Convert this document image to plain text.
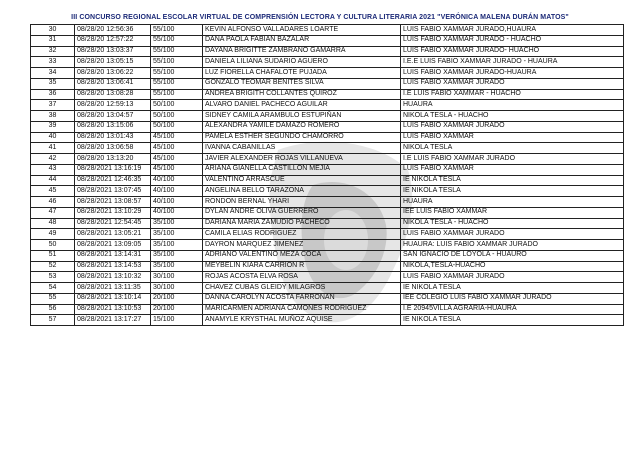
III CONCURSO REGIONAL ESCOLAR VIRTUAL DE COMPRENSIÓN LECTORA Y CULTURA LITERARIA 2021 "VERÓNICA MALENA DURÁN MATOS"
30	08/28/20 12:56:36	55/100	KEVIN ALFONSO VALLADARES LOARTE	LUIS FABIO XAMMAR JURADO,HUAURA
31	08/28/20 12:57:22	55/100	DANA PAOLA FABIAN BAZALAR	LUIS FABIO XAMMAR JURADO - HUACHO
32	08/28/20 13:03:37	55/100	DAYANA BRIGITTE ZAMBRANO GAMARRA	LUIS FABIO XAMMAR JURADO- HUACHO
33	08/28/20 13:05:15	55/100	DANIELA LILIANA SUDARIO AGUERO	I.E.E LUIS FABIO XAMMAR JURADO - HUAURA
34	08/28/20 13:06:22	55/100	LUZ FIORELLA CHAFALOTE PUJADA	LUIS FABIO XAMMAR JURADO-HUAURA
35	08/28/20 13:06:41	55/100	GONZALO TEOMAR BENITES SILVA	LUIS FABIO XAMMAR JURADO
36	08/28/20 13:08:28	55/100	ANDREA BRIGITH COLLANTES QUIROZ	I.E LUIS FABIO XAMMAR - HUACHO
37	08/28/20 12:59:13	50/100	ALVARO DANIEL PACHECO AGUILAR	HUAURA
38	08/28/20 13:04:57	50/100	SIDNEY CAMILA ARAMBULO ESTUPIÑAN	NIKOLA TESLA - HUACHO
39	08/28/20 13:15:06	50/100	ALEXANDRA YAMILE DAMAZO ROMERO	LUIS FABIO XAMMAR JURADO
40	08/28/20 13:01:43	45/100	PAMELA ESTHER SEGUNDO CHAMORRO	LUIS FABIO XAMMAR
41	08/28/20 13:06:58	45/100	IVANNA CABANILLAS	NIKOLA TESLA
42	08/28/20 13:13:20	45/100	JAVIER ALEXANDER ROJAS VILLANUEVA	I.E LUIS FABIO XAMMAR JURADO
43	08/28/2021 13:16:19	45/100	ARIANA GIANELLA CASTILLON MEJIA	LUIS FABIO XAMMAR
44	08/28/2021 12:46:35	40/100	VALENTINO ARRASCUE	IE NIKOLA TESLA
45	08/28/2021 13:07:45	40/100	ANGELINA BELLO TARAZONA	IE NIKOLA TESLA
46	08/28/2021 13:08:57	40/100	RONDON BERNAL YHARI	HUAURA
47	08/28/2021 13:10:29	40/100	DYLAN ANDRE OLIVA GUERRERO	IEE LUIS FABIO XAMMAR
48	08/28/2021 12:54:45	35/100	DARIANA MARIA ZAMUDIO PACHECO	NIKOLA TESLA - HUACHO
49	08/28/2021 13:05:21	35/100	CAMILA ELIAS RODRIGUEZ	LUIS FABIO XAMMAR JURADO
50	08/28/2021 13:09:05	35/100	DAYRON MARQUEZ JIMENEZ	HUAURA: LUIS FABIO XAMMAR JURADO
51	08/28/2021 13:14:31	35/100	ADRIANO VALENTINO MEZA COCA	SAN IGNACIO DE LOYOLA - HUAURO
52	08/28/2021 13:14:53	35/100	MEYBELIN KIARA CARRION R	NIKOLA,TESLA-HUACHO
53	08/28/2021 13:10:32	30/100	ROJAS ACOSTA ELVA ROSA	LUIS FABIO XAMMAR JURADO
54	08/28/2021 13:11:35	30/100	CHAVEZ CUBAS GLEIDY MILAGROS	IE NIKOLA TESLA
55	08/28/2021 13:10:14	20/100	DANNA CAROLYN ACOSTA FARRONAN	IEE COLEGIO LUIS FABIO XAMMAR JURADO
56	08/28/2021 13:10:53	20/100	MARICARMEN ADRIANA CAMONES RODRIGUEZ	I.E 20945VILLA AGRARIA-HUAURA
57	08/28/2021 13:17:27	15/100	ANAMYLE KRYSTHAL MUÑOZ AQUISE	IE NIKOLA TESLA
